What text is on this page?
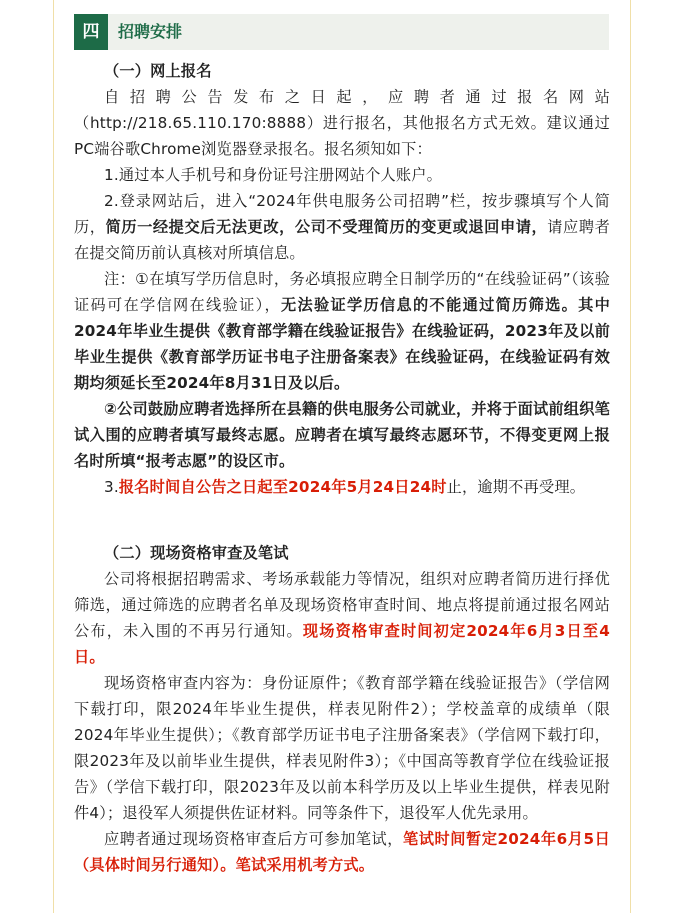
四	招聘安排

（一）网上报名

自招聘公告发布之日起，应聘者通过报名网站（http://218.65.110.170:8888）进行报名，其他报名方式无效。建议通过PC端谷歌Chrome浏览器登录报名。报名须知如下：

1.通过本人手机号和身份证号注册网站个人账户。

2.登录网站后，进入“2024年供电服务公司招聘”栏，按步骤填写个人简历，简历一经提交后无法更改，公司不受理简历的变更或退回申请，请应聘者在提交简历前认真核对所填信息。

注：①在填写学历信息时，务必填报应聘全日制学历的“在线验证码”（该验证码可在学信网在线验证），无法验证学历信息的不能通过简历筛选。其中2024年毕业生提供《教育部学籍在线验证报告》在线验证码，2023年及以前毕业生提供《教育部学历证书电子注册备案表》在线验证码，在线验证码有效期均须延长至2024年8月31日及以后。

②公司鼓励应聘者选择所在县籍的供电服务公司就业，并将于面试前组织笔试入围的应聘者填写最终志愿。应聘者在填写最终志愿环节，不得变更网上报名时所填“报考志愿”的设区市。

3.报名时间自公告之日起至2024年5月24日24时止，逾期不再受理。

（二）现场资格审查及笔试

公司将根据招聘需求、考场承载能力等情况，组织对应聘者简历进行择优筛选，通过筛选的应聘者名单及现场资格审查时间、地点将提前通过报名网站公布，未入围的不再另行通知。现场资格审查时间初定2024年6月3日至4日。

现场资格审查内容为：身份证原件；《教育部学籍在线验证报告》（学信网下载打印，限2024年毕业生提供，样表见附件2）；学校盖章的成绩单（限2024年毕业生提供）；《教育部学历证书电子注册备案表》（学信网下载打印，限2023年及以前毕业生提供，样表见附件3）；《中国高等教育学位在线验证报告》（学信下载打印，限2023年及以前本科学历及以上毕业生提供，样表见附件4）；退役军人须提供佐证材料。同等条件下，退役军人优先录用。

应聘者通过现场资格审查后方可参加笔试，笔试时间暂定2024年6月5日（具体时间另行通知）。笔试采用机考方式。
